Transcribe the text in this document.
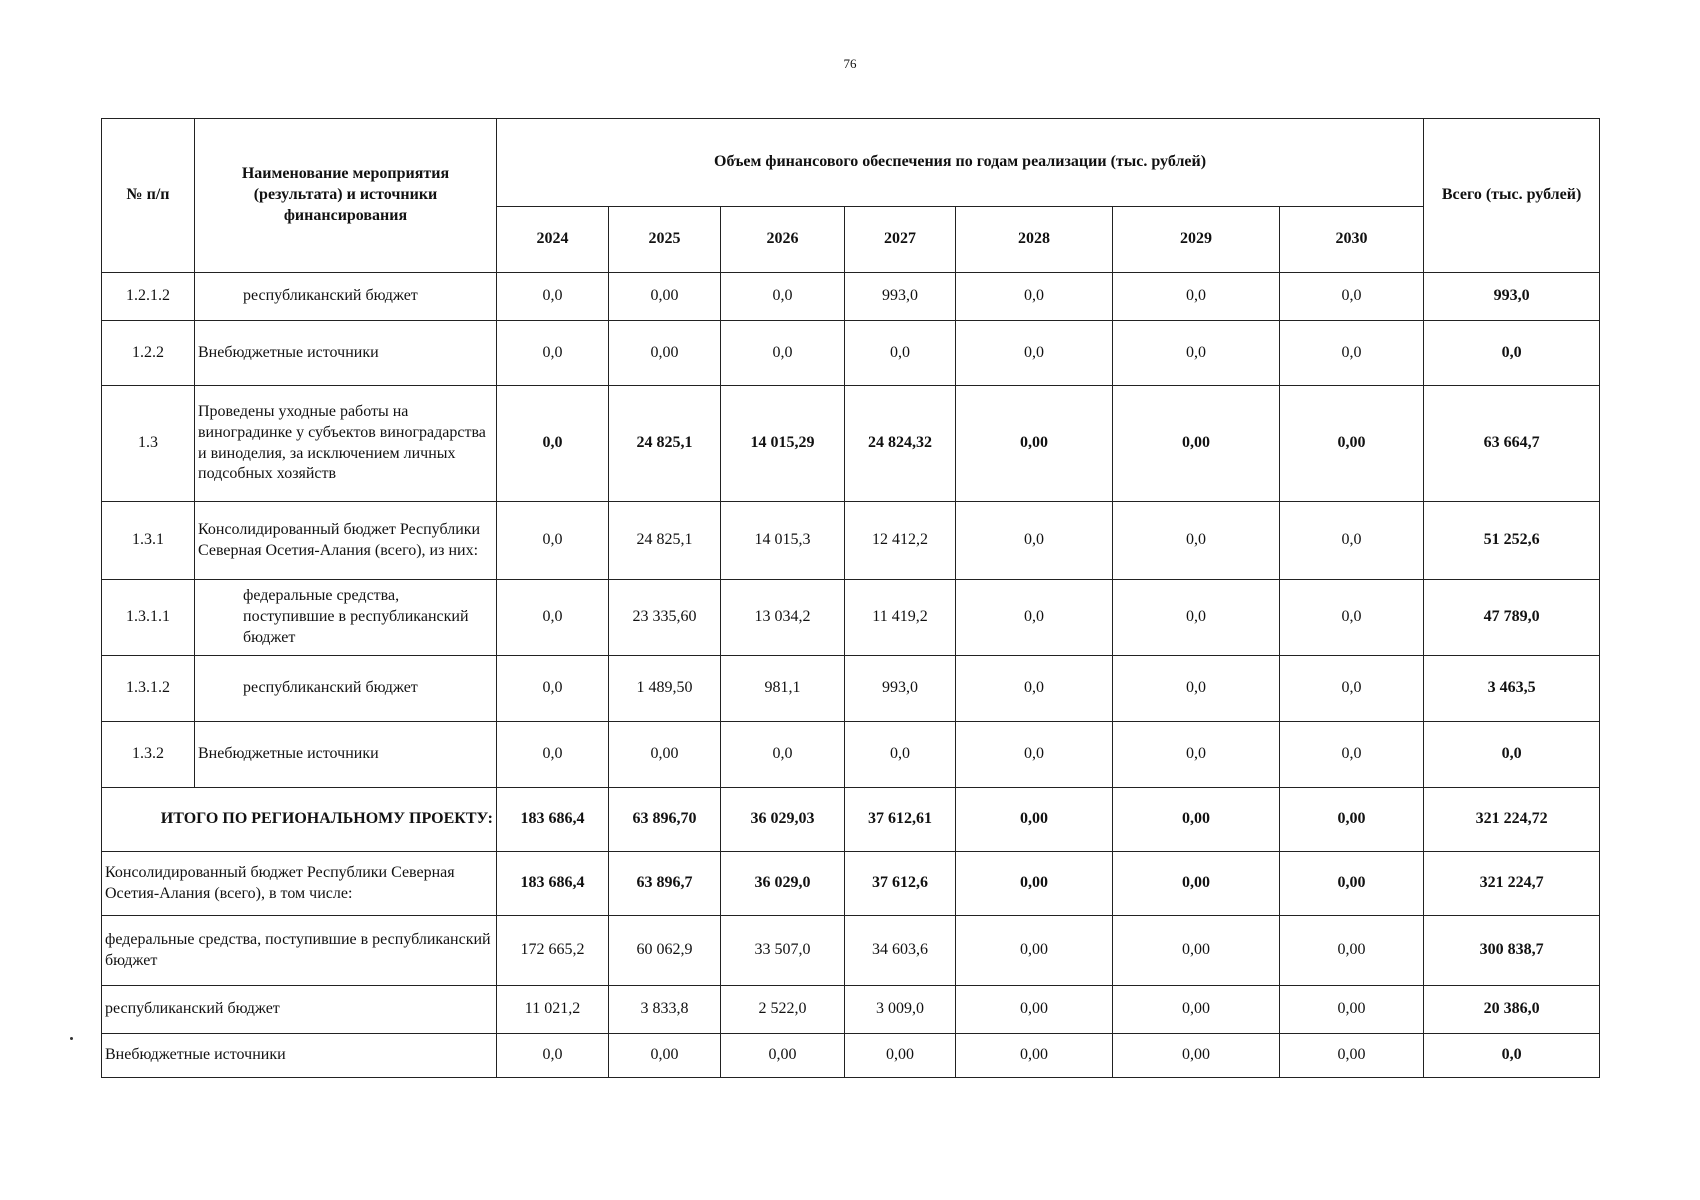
76
№ п/п	Наименование мероприятия (результата) и источники финансирования	Объем финансового обеспечения по годам реализации (тыс. рублей)							Всего (тыс. рублей)
		2024	2025	2026	2027	2028	2029	2030	
1.2.1.2	республиканский бюджет	0,0	0,00	0,0	993,0	0,0	0,0	0,0	993,0
1.2.2	Внебюджетные источники	0,0	0,00	0,0	0,0	0,0	0,0	0,0	0,0
1.3	Проведены уходные работы на виноградинке у субъектов виноградарства и виноделия, за исключением личных подсобных хозяйств	0,0	24 825,1	14 015,29	24 824,32	0,00	0,00	0,00	63 664,7
1.3.1	Консолидированный бюджет Республики Северная Осетия-Алания (всего), из них:	0,0	24 825,1	14 015,3	12 412,2	0,0	0,0	0,0	51 252,6
1.3.1.1	федеральные средства, поступившие в республиканский бюджет	0,0	23 335,60	13 034,2	11 419,2	0,0	0,0	0,0	47 789,0
1.3.1.2	республиканский бюджет	0,0	1 489,50	981,1	993,0	0,0	0,0	0,0	3 463,5
1.3.2	Внебюджетные источники	0,0	0,00	0,0	0,0	0,0	0,0	0,0	0,0
ИТОГО ПО РЕГИОНАЛЬНОМУ ПРОЕКТУ:		183 686,4	63 896,70	36 029,03	37 612,61	0,00	0,00	0,00	321 224,72
Консолидированный бюджет Республики Северная Осетия-Алания (всего), в том числе:		183 686,4	63 896,7	36 029,0	37 612,6	0,00	0,00	0,00	321 224,7
федеральные средства, поступившие в республиканский бюджет		172 665,2	60 062,9	33 507,0	34 603,6	0,00	0,00	0,00	300 838,7
республиканский бюджет		11 021,2	3 833,8	2 522,0	3 009,0	0,00	0,00	0,00	20 386,0
Внебюджетные источники		0,0	0,00	0,00	0,00	0,00	0,00	0,00	0,0
